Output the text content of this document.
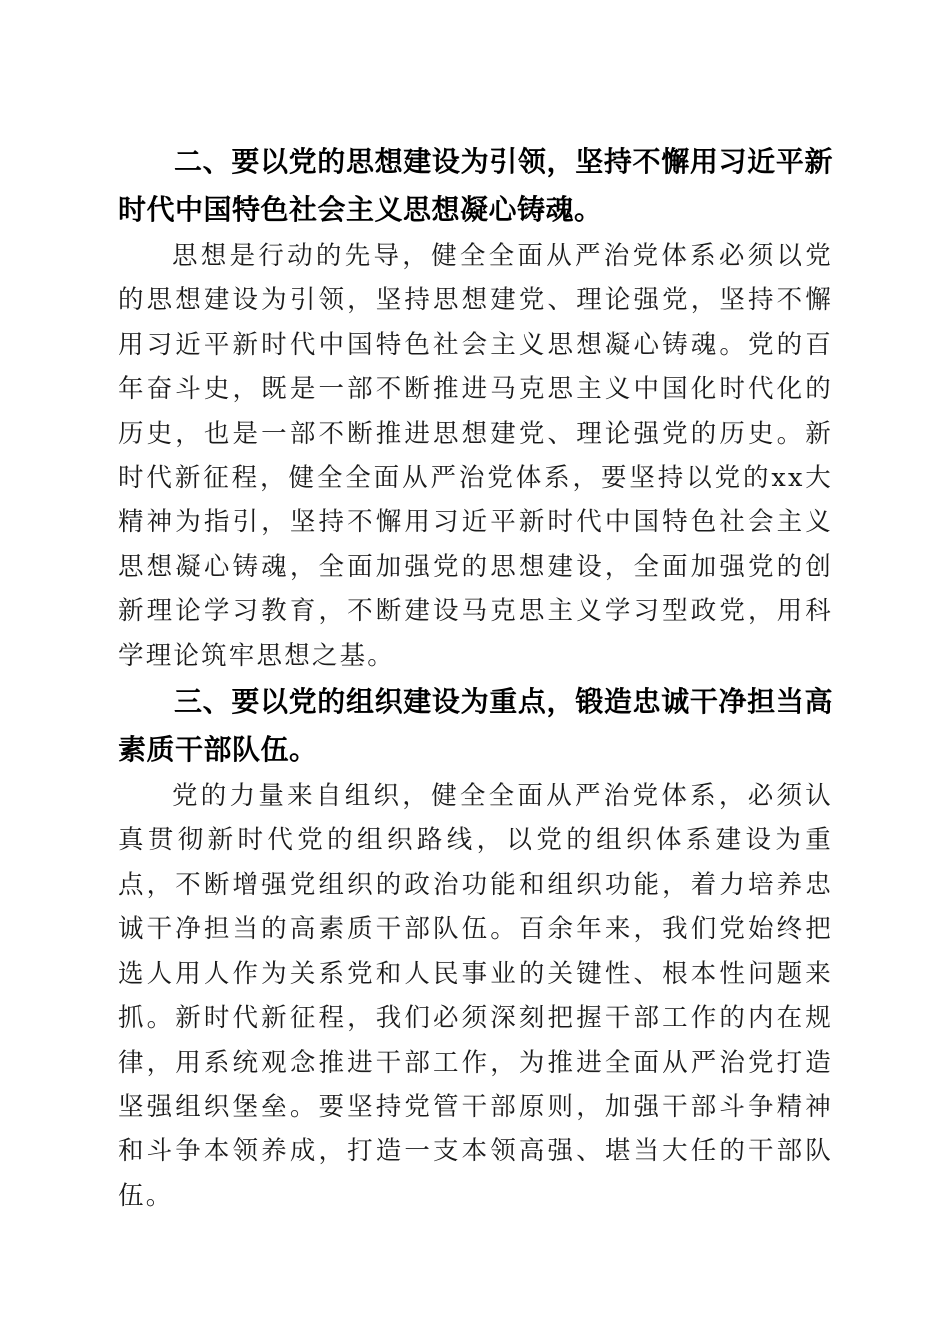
二、要以党的思想建设为引领，坚持不懈用习近平新时代中国特色社会主义思想凝心铸魂。

思想是行动的先导，健全全面从严治党体系必须以党的思想建设为引领，坚持思想建党、理论强党，坚持不懈用习近平新时代中国特色社会主义思想凝心铸魂。党的百年奋斗史，既是一部不断推进马克思主义中国化时代化的历史，也是一部不断推进思想建党、理论强党的历史。新时代新征程，健全全面从严治党体系，要坚持以党的xx大精神为指引，坚持不懈用习近平新时代中国特色社会主义思想凝心铸魂，全面加强党的思想建设，全面加强党的创新理论学习教育，不断建设马克思主义学习型政党，用科学理论筑牢思想之基。

三、要以党的组织建设为重点，锻造忠诚干净担当高素质干部队伍。

党的力量来自组织，健全全面从严治党体系，必须认真贯彻新时代党的组织路线，以党的组织体系建设为重点，不断增强党组织的政治功能和组织功能，着力培养忠诚干净担当的高素质干部队伍。百余年来，我们党始终把选人用人作为关系党和人民事业的关键性、根本性问题来抓。新时代新征程，我们必须深刻把握干部工作的内在规律，用系统观念推进干部工作，为推进全面从严治党打造坚强组织堡垒。要坚持党管干部原则，加强干部斗争精神和斗争本领养成，打造一支本领高强、堪当大任的干部队伍。
